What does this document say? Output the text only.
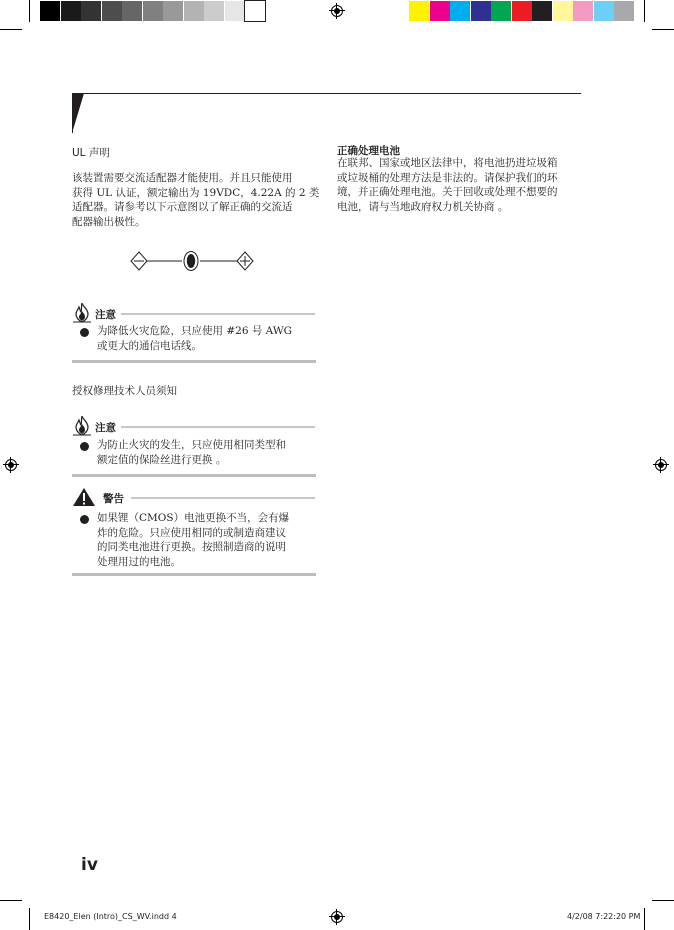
UL 声明
该装置需要交流适配器才能使用。并且只能使用
获得 UL 认证，额定输出为 19VDC，4.22A 的 2 类
适配器。请参考以下示意图以了解正确的交流适
配器输出极性。
注意
为降低火灾危险，只应使用 #26 号 AWG
或更大的通信电话线。
授权修理技术人员须知
注意
为防止火灾的发生，只应使用相同类型和
额定值的保险丝进行更换 。
警告
如果锂（CMOS）电池更换不当，会有爆
炸的危险。只应使用相同的或制造商建议
的同类电池进行更换。按照制造商的说明
处理用过的电池。
正确处理电池
在联邦、国家或地区法律中，将电池扔进垃圾箱
或垃圾桶的处理方法是非法的。请保护我们的环
境，并正确处理电池。关于回收或处理不想要的
电池，请与当地政府权力机关协商 。
iv
E8420_Elen (Intro)_CS_WV.indd 4	4/2/08 7:22:20 PM
